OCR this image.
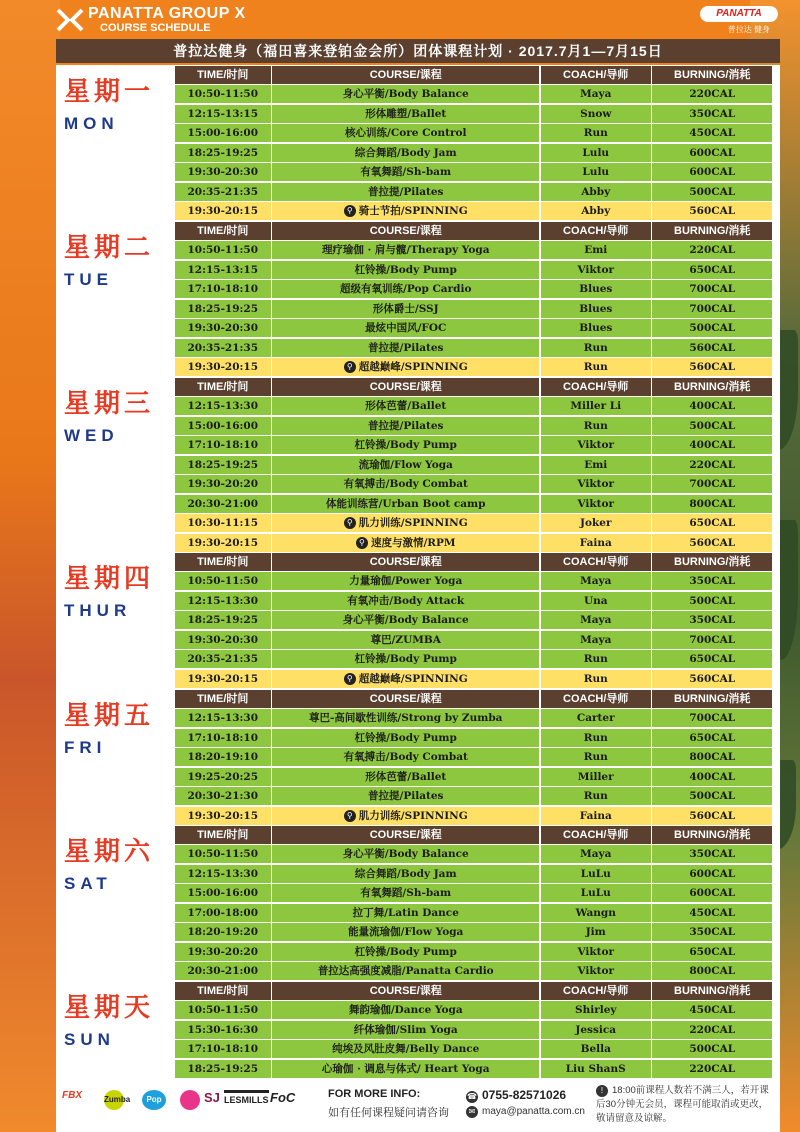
PANATTA GROUP X
COURSE SCHEDULE
PANATTA
普拉达 健身
普拉达健身（福田喜来登铂金会所）团体课程计划 · 2017.7月1—7月15日
星期一
MON
TIME/时间	COURSE/课程	COACH/导师	BURNING/消耗
10:50-11:50	身心平衡/Body Balance	Maya	220CAL
12:15-13:15	形体雕塑/Ballet	Snow	350CAL
15:00-16:00	核心训练/Core Control	Run	450CAL
18:25-19:25	综合舞蹈/Body Jam	Lulu	600CAL
19:30-20:30	有氧舞蹈/Sh-bam	Lulu	600CAL
20:35-21:35	普拉提/Pilates	Abby	500CAL
19:30-20:15	⚲ 骑士节拍/SPINNING	Abby	560CAL
星期二
TUE
TIME/时间	COURSE/课程	COACH/导师	BURNING/消耗
10:50-11:50	理疗瑜伽 · 肩与髋/Therapy Yoga	Emi	220CAL
12:15-13:15	杠铃操/Body Pump	Viktor	650CAL
17:10-18:10	超级有氧训练/Pop Cardio	Blues	700CAL
18:25-19:25	形体爵士/SSJ	Blues	700CAL
19:30-20:30	最炫中国风/FOC	Blues	500CAL
20:35-21:35	普拉提/Pilates	Run	560CAL
19:30-20:15	⚲ 超越巅峰/SPINNING	Run	560CAL
星期三
WED
TIME/时间	COURSE/课程	COACH/导师	BURNING/消耗
12:15-13:30	形体芭蕾/Ballet	Miller Li	400CAL
15:00-16:00	普拉提/Pilates	Run	500CAL
17:10-18:10	杠铃操/Body Pump	Viktor	400CAL
18:25-19:25	流瑜伽/Flow Yoga	Emi	220CAL
19:30-20:20	有氧搏击/Body Combat	Viktor	700CAL
20:30-21:00	体能训练营/Urban Boot camp	Viktor	800CAL
10:30-11:15	⚲ 肌力训练/SPINNING	Joker	650CAL
19:30-20:15	⚲ 速度与激情/RPM	Faina	560CAL
星期四
THUR
TIME/时间	COURSE/课程	COACH/导师	BURNING/消耗
10:50-11:50	力量瑜伽/Power Yoga	Maya	350CAL
12:15-13:30	有氧冲击/Body Attack	Una	500CAL
18:25-19:25	身心平衡/Body Balance	Maya	350CAL
19:30-20:30	尊巴/ZUMBA	Maya	700CAL
20:35-21:35	杠铃操/Body Pump	Run	650CAL
19:30-20:15	⚲ 超越巅峰/SPINNING	Run	560CAL
星期五
FRI
TIME/时间	COURSE/课程	COACH/导师	BURNING/消耗
12:15-13:30	尊巴-高间歇性训练/Strong by Zumba	Carter	700CAL
17:10-18:10	杠铃操/Body Pump	Run	650CAL
18:20-19:10	有氧搏击/Body Combat	Run	800CAL
19:25-20:25	形体芭蕾/Ballet	Miller	400CAL
20:30-21:30	普拉提/Pilates	Run	500CAL
19:30-20:15	⚲ 肌力训练/SPINNING	Faina	560CAL
星期六
SAT
TIME/时间	COURSE/课程	COACH/导师	BURNING/消耗
10:50-11:50	身心平衡/Body Balance	Maya	350CAL
12:15-13:30	综合舞蹈/Body Jam	LuLu	600CAL
15:00-16:00	有氧舞蹈/Sh-bam	LuLu	600CAL
17:00-18:00	拉丁舞/Latin Dance	Wangn	450CAL
18:20-19:20	能量流瑜伽/Flow Yoga	Jim	350CAL
19:30-20:20	杠铃操/Body Pump	Viktor	650CAL
20:30-21:00	普拉达高强度减脂/Panatta Cardio	Viktor	800CAL
星期天
SUN
TIME/时间	COURSE/课程	COACH/导师	BURNING/消耗
10:50-11:50	舞韵瑜伽/Dance Yoga	Shirley	450CAL
15:30-16:30	纤体瑜伽/Slim Yoga	Jessica	220CAL
17:10-18:10	纯埃及风肚皮舞/Belly Dance	Bella	500CAL
18:25-19:25	心瑜伽 · 调息与体式/ Heart Yoga	Liu ShanS	220CAL
FBX	Zumba	Pop	SJ LESMILLS FoC	FOR MORE INFO:
如有任何课程疑问请咨询
☎ 0755-82571026
✉ maya@panatta.com.cn
! 18:00前课程人数若不满三人，若开课后30分钟无会员，课程可能取消或更改，敬请留意及谅解。
